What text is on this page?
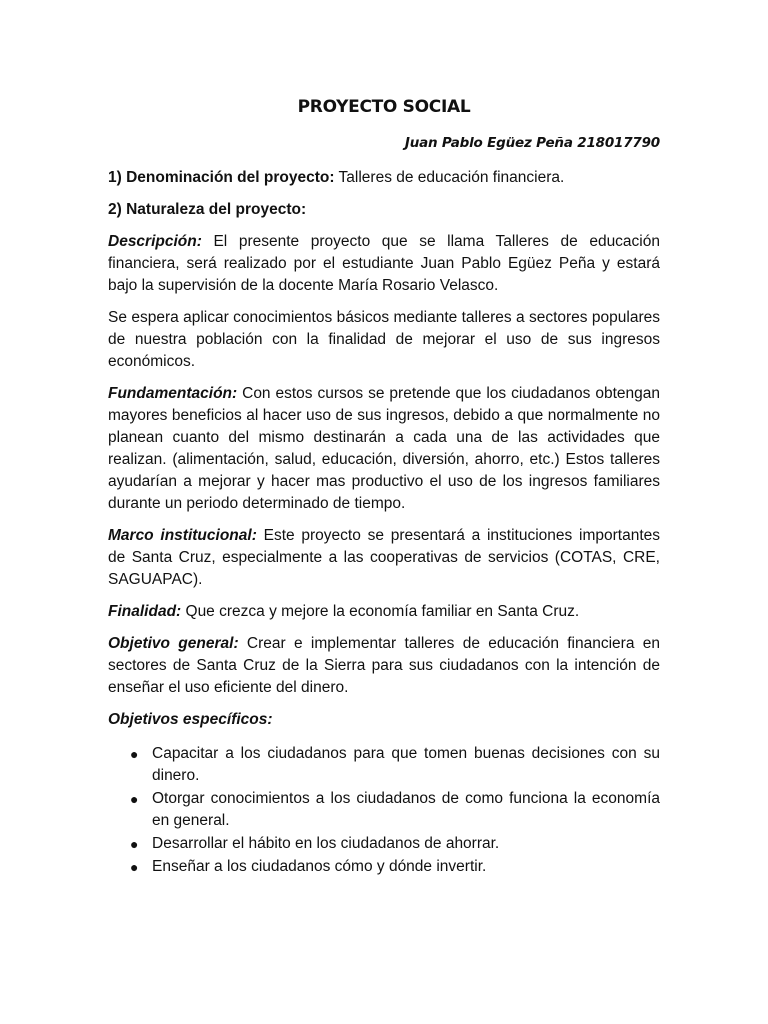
PROYECTO SOCIAL
Juan Pablo Egüez Peña 218017790

1) Denominación del proyecto: Talleres de educación financiera.

2) Naturaleza del proyecto:

Descripción: El presente proyecto que se llama Talleres de educación financiera, será realizado por el estudiante Juan Pablo Egüez Peña y estará bajo la supervisión de la docente María Rosario Velasco.

Se espera aplicar conocimientos básicos mediante talleres a sectores populares de nuestra población con la finalidad de mejorar el uso de sus ingresos económicos.

Fundamentación: Con estos cursos se pretende que los ciudadanos obtengan mayores beneficios al hacer uso de sus ingresos, debido a que normalmente no planean cuanto del mismo destinarán a cada una de las actividades que realizan. (alimentación, salud, educación, diversión, ahorro, etc.) Estos talleres ayudarían a mejorar y hacer mas productivo el uso de los ingresos familiares durante un periodo determinado de tiempo.

Marco institucional: Este proyecto se presentará a instituciones importantes de Santa Cruz, especialmente a las cooperativas de servicios (COTAS, CRE, SAGUAPAC).

Finalidad: Que crezca y mejore la economía familiar en Santa Cruz.

Objetivo general: Crear e implementar talleres de educación financiera en sectores de Santa Cruz de la Sierra para sus ciudadanos con la intención de enseñar el uso eficiente del dinero.

Objetivos específicos:

● Capacitar a los ciudadanos para que tomen buenas decisiones con su dinero.
● Otorgar conocimientos a los ciudadanos de como funciona la economía en general.
● Desarrollar el hábito en los ciudadanos de ahorrar.
● Enseñar a los ciudadanos cómo y dónde invertir.
